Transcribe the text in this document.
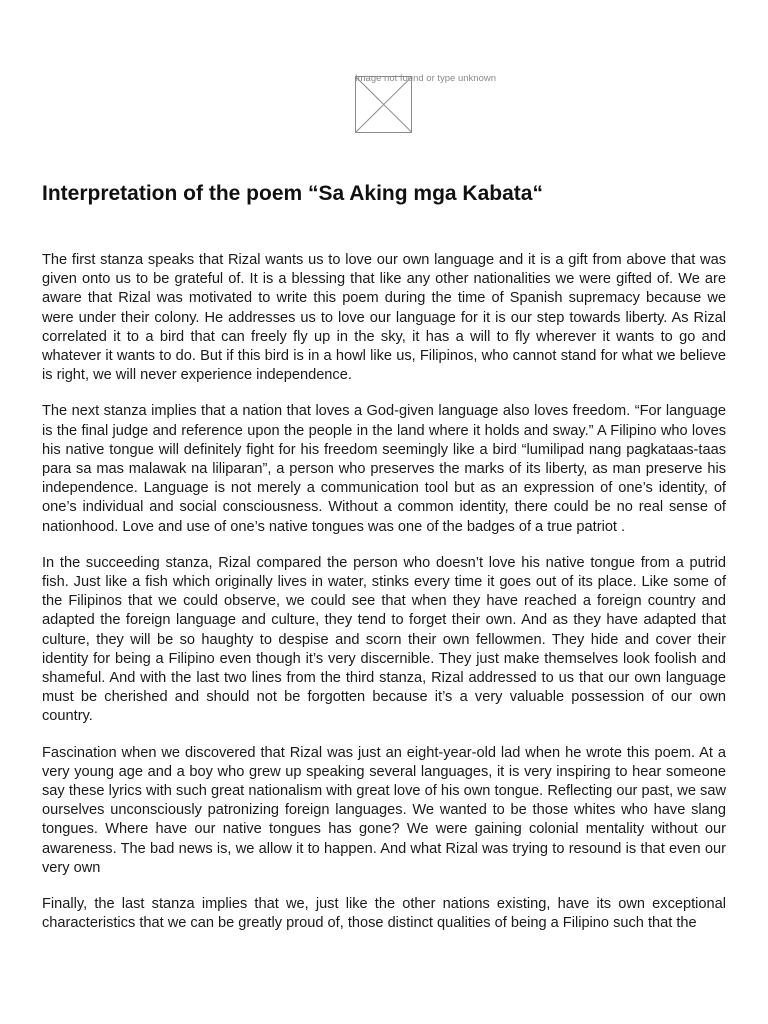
Image not found or type unknown
Interpretation of the poem “Sa Aking mga Kabata“

The first stanza speaks that Rizal wants us to love our own language and it is a gift from above that was given onto us to be grateful of. It is a blessing that like any other nationalities we were gifted of. We are aware that Rizal was motivated to write this poem during the time of Spanish supremacy because we were under their colony. He addresses us to love our language for it is our step towards liberty. As Rizal correlated it to a bird that can freely fly up in the sky, it has a will to fly wherever it wants to go and whatever it wants to do. But if this bird is in a howl like us, Filipinos, who cannot stand for what we believe is right, we will never experience independence.

The next stanza implies that a nation that loves a God-given language also loves freedom. “For language is the final judge and reference upon the people in the land where it holds and sway.” A Filipino who loves his native tongue will definitely fight for his freedom seemingly like a bird “lumilipad nang pagkataas-taas para sa mas malawak na liliparan”, a person who preserves the marks of its liberty, as man preserve his independence. Language is not merely a communication tool but as an expression of one’s identity, of one’s individual and social consciousness. Without a common identity, there could be no real sense of nationhood. Love and use of one’s native tongues was one of the badges of a true patriot .

In the succeeding stanza, Rizal compared the person who doesn’t love his native tongue from a putrid fish. Just like a fish which originally lives in water, stinks every time it goes out of its place. Like some of the Filipinos that we could observe, we could see that when they have reached a foreign country and adapted the foreign language and culture, they tend to forget their own. And as they have adapted that culture, they will be so haughty to despise and scorn their own fellowmen. They hide and cover their identity for being a Filipino even though it’s very discernible. They just make themselves look foolish and shameful. And with the last two lines from the third stanza, Rizal addressed to us that our own language must be cherished and should not be forgotten because it’s a very valuable possession of our own country.

Fascination when we discovered that Rizal was just an eight-year-old lad when he wrote this poem. At a very young age and a boy who grew up speaking several languages, it is very inspiring to hear someone say these lyrics with such great nationalism with great love of his own tongue. Reflecting our past, we saw ourselves unconsciously patronizing foreign languages. We wanted to be those whites who have slang tongues. Where have our native tongues has gone? We were gaining colonial mentality without our awareness. The bad news is, we allow it to happen. And what Rizal was trying to resound is that even our very own

Finally, the last stanza implies that we, just like the other nations existing, have its own exceptional characteristics that we can be greatly proud of, those distinct qualities of being a Filipino such that the
